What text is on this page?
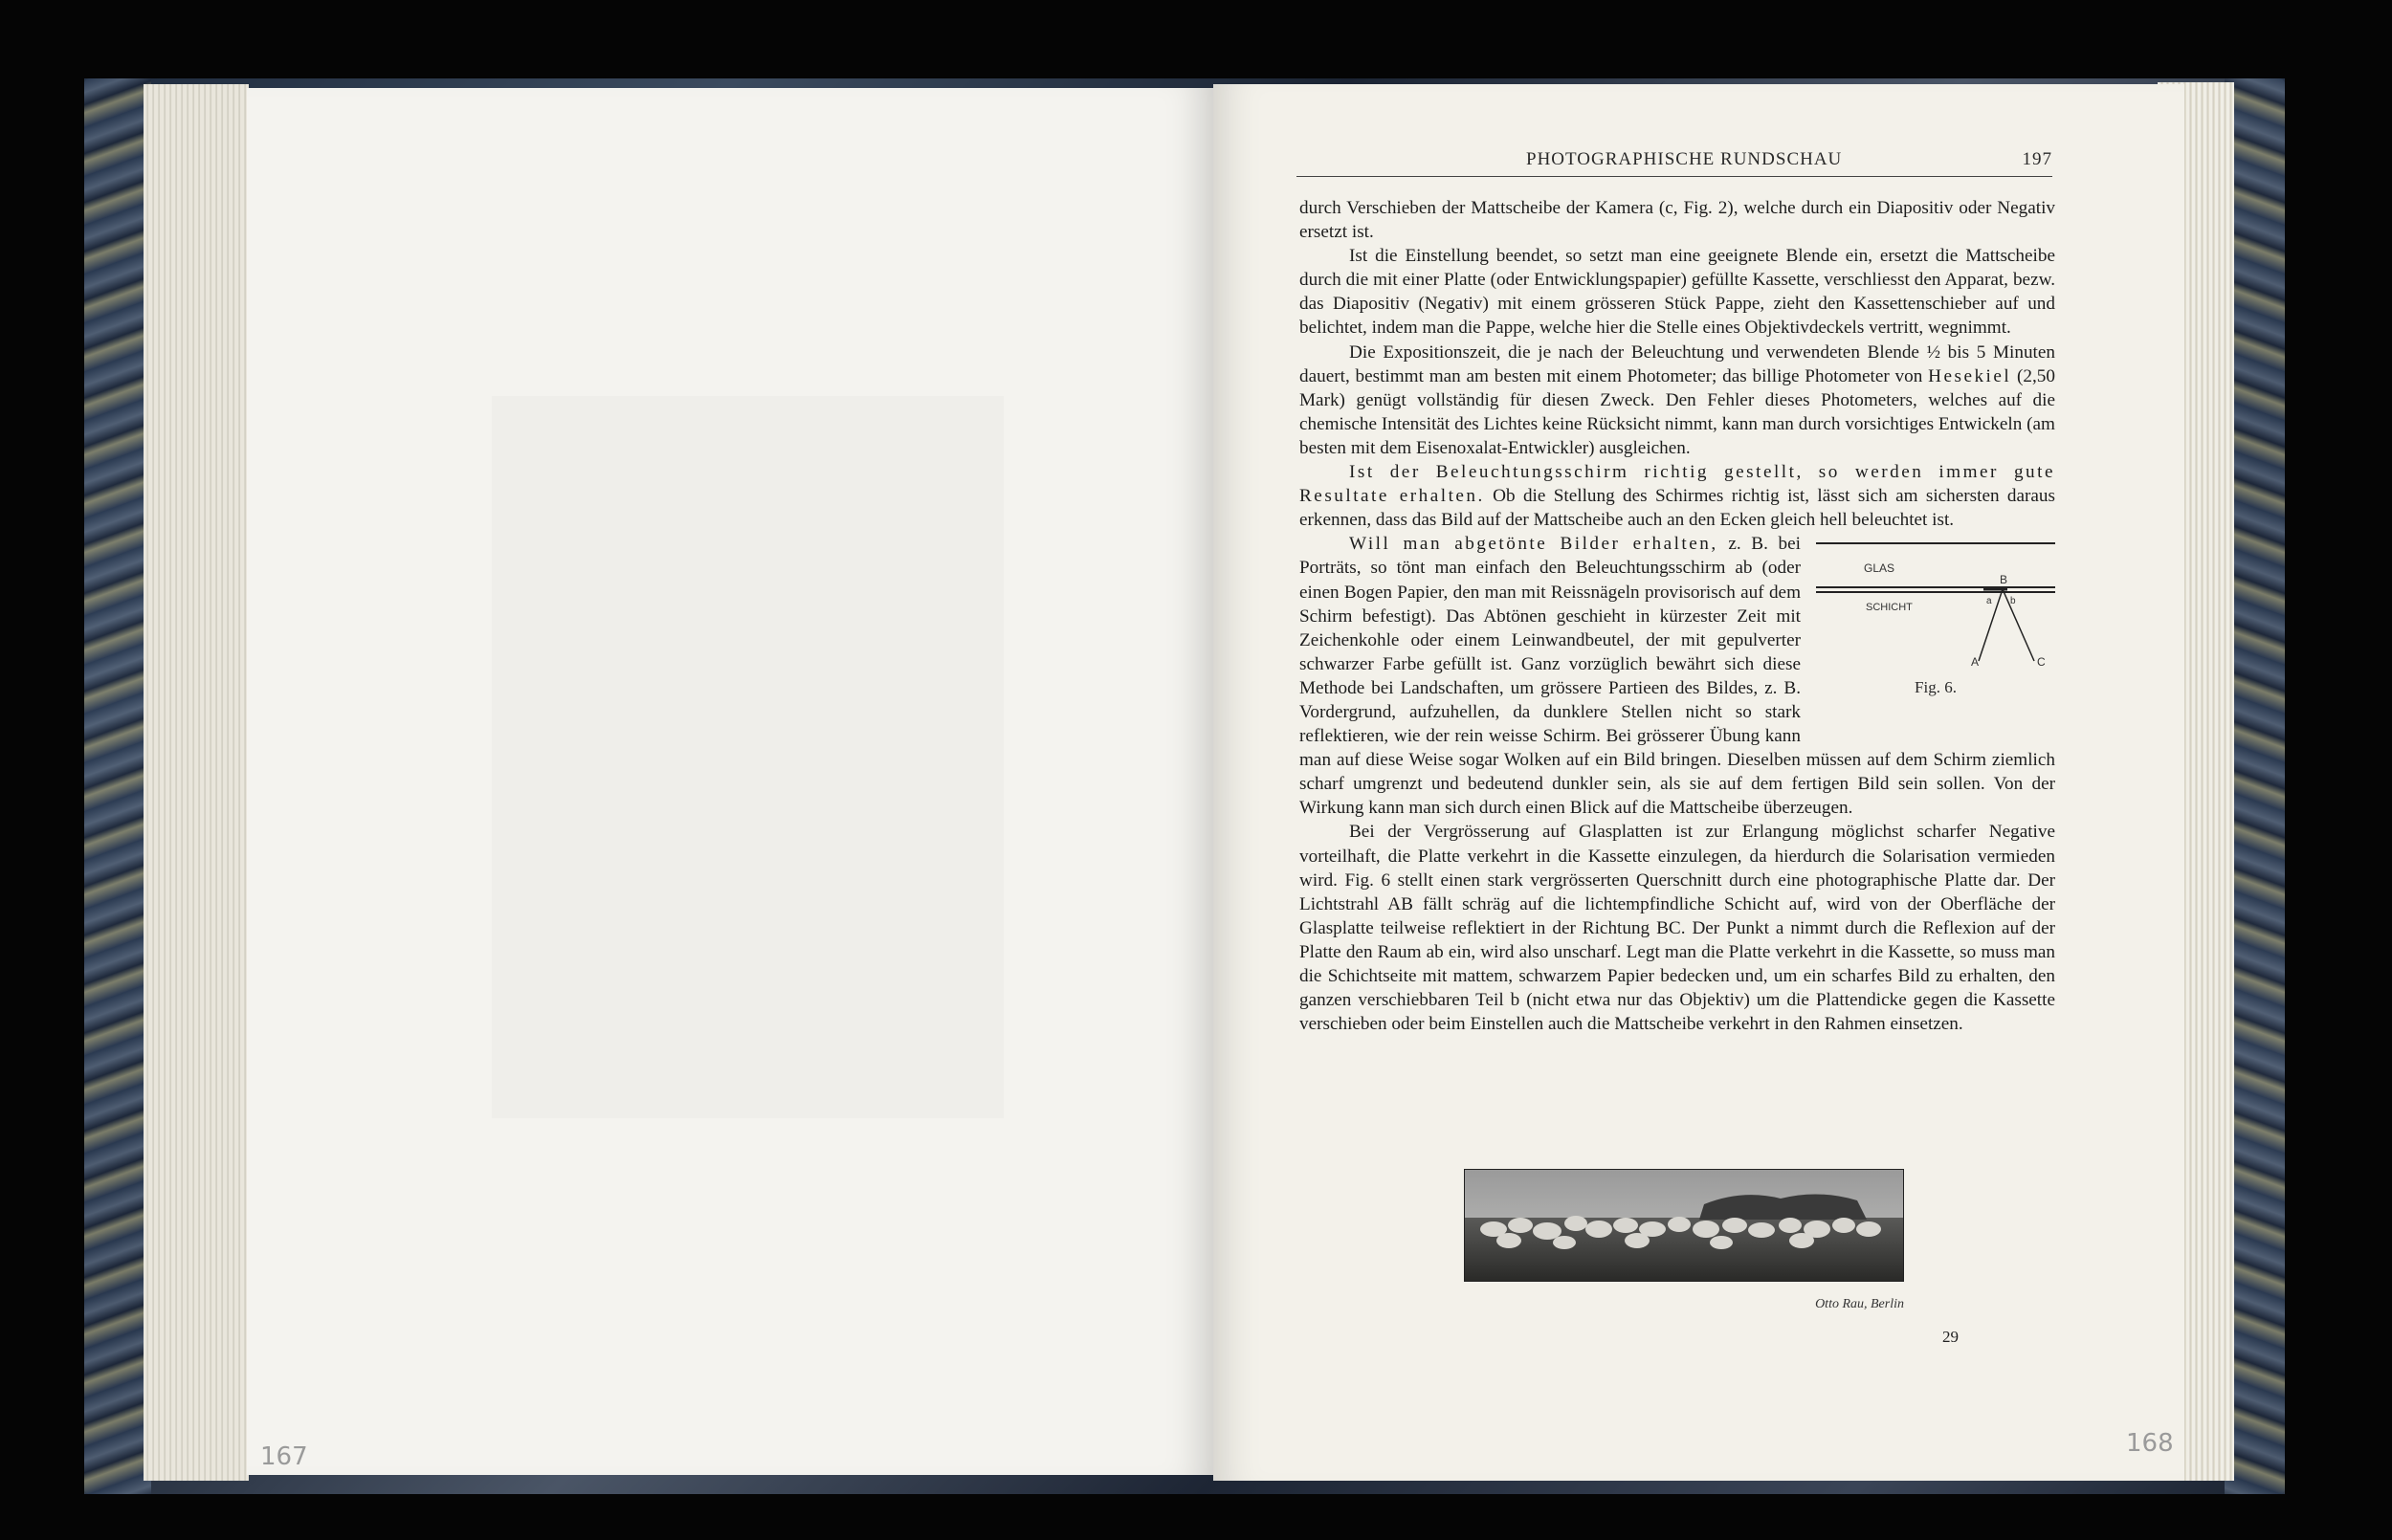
167
PHOTOGRAPHISCHE RUNDSCHAU	197

durch Verschieben der Mattscheibe der Kamera (c, Fig. 2), welche durch ein Diapositiv oder Negativ ersetzt ist.

Ist die Einstellung beendet, so setzt man eine geeignete Blende ein, ersetzt die Mattscheibe durch die mit einer Platte (oder Entwicklungspapier) gefüllte Kassette, verschliesst den Apparat, bezw. das Diapositiv (Negativ) mit einem grösseren Stück Pappe, zieht den Kassettenschieber auf und belichtet, indem man die Pappe, welche hier die Stelle eines Objektivdeckels vertritt, wegnimmt.

Die Expositionszeit, die je nach der Beleuchtung und verwendeten Blende ½ bis 5 Minuten dauert, bestimmt man am besten mit einem Photometer; das billige Photometer von Hesekiel (2,50 Mark) genügt vollständig für diesen Zweck. Den Fehler dieses Photometers, welches auf die chemische Intensität des Lichtes keine Rücksicht nimmt, kann man durch vorsichtiges Entwickeln (am besten mit dem Eisenoxalat-Entwickler) ausgleichen.

Ist der Beleuchtungsschirm richtig gestellt, so werden immer gute Resultate erhalten. Ob die Stellung des Schirmes richtig ist, lässt sich am sichersten daraus erkennen, dass das Bild auf der Mattscheibe auch an den Ecken gleich hell beleuchtet ist.

GLAS
SCHICHT
B
a b
A	C
Fig. 6.

Will man abgetönte Bilder erhalten, z. B. bei Porträts, so tönt man einfach den Beleuchtungsschirm ab (oder einen Bogen Papier, den man mit Reissnägeln provisorisch auf dem Schirm befestigt). Das Abtönen geschieht in kürzester Zeit mit Zeichenkohle oder einem Leinwandbeutel, der mit gepulverter schwarzer Farbe gefüllt ist. Ganz vorzüglich bewährt sich diese Methode bei Landschaften, um grössere Partieen des Bildes, z. B. Vordergrund, aufzuhellen, da dunklere Stellen nicht so stark reflektieren, wie der rein weisse Schirm. Bei grösserer Übung kann man auf diese Weise sogar Wolken auf ein Bild bringen. Dieselben müssen auf dem Schirm ziemlich scharf umgrenzt und bedeutend dunkler sein, als sie auf dem fertigen Bild sein sollen. Von der Wirkung kann man sich durch einen Blick auf die Mattscheibe überzeugen.

Bei der Vergrösserung auf Glasplatten ist zur Erlangung möglichst scharfer Negative vorteilhaft, die Platte verkehrt in die Kassette einzulegen, da hierdurch die Solarisation vermieden wird. Fig. 6 stellt einen stark vergrösserten Querschnitt durch eine photographische Platte dar. Der Lichtstrahl AB fällt schräg auf die lichtempfindliche Schicht auf, wird von der Oberfläche der Glasplatte teilweise reflektiert in der Richtung BC. Der Punkt a nimmt durch die Reflexion auf der Platte den Raum ab ein, wird also unscharf. Legt man die Platte verkehrt in die Kassette, so muss man die Schichtseite mit mattem, schwarzem Papier bedecken und, um ein scharfes Bild zu erhalten, den ganzen verschiebbaren Teil b (nicht etwa nur das Objektiv) um die Plattendicke gegen die Kassette verschieben oder beim Einstellen auch die Mattscheibe verkehrt in den Rahmen einsetzen.

Otto Rau, Berlin
29
168
